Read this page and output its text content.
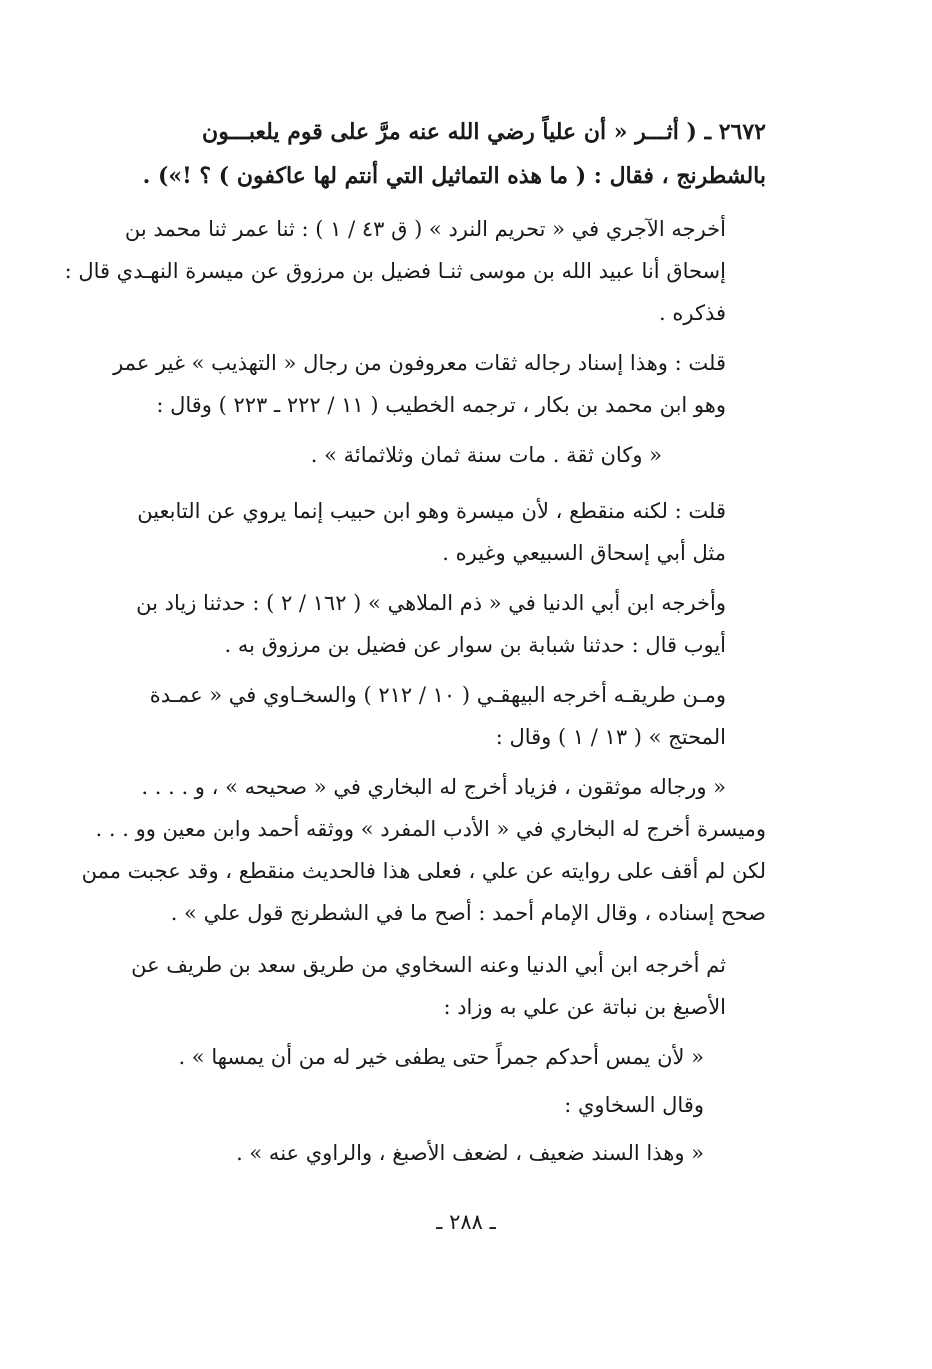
٢٦٧٢ ـ ( أثـــر « أن علياً رضي الله عنه مرَّ على قوم يلعبـــون
بالشطرنج ، فقال : ( ما هذه التماثيل التي أنتم لها عاكفون ) ؟ !») .
أخرجه الآجري في « تحريم النرد » ( ق ٤٣ / ١ ) : ثنا عمر ثنا محمد بن
إسحاق أنا عبيد الله بن موسى ثنـا فضيل بن مرزوق عن ميسرة النهـدي قال :
فذكره .
قلت : وهذا إسناد رجاله ثقات معروفون من رجال « التهذيب » غير عمر
وهو ابن محمد بن بكار ، ترجمه الخطيب ( ١١ / ٢٢٢ ـ ٢٢٣ ) وقال :
« وكان ثقة . مات سنة ثمان وثلاثمائة » .
قلت : لكنه منقطع ، لأن ميسرة وهو ابن حبيب إنما يروي عن التابعين
مثل أبي إسحاق السبيعي وغيره .
وأخرجه ابن أبي الدنيا في « ذم الملاهي » ( ١٦٢ / ٢ ) : حدثنا زياد بن
أيوب قال : حدثنا شبابة بن سوار عن فضيل بن مرزوق به .
ومـن طريقـه أخرجه البيهقـي ( ١٠ / ٢١٢ ) والسخـاوي في « عمـدة
المحتج » ( ١٣ / ١ ) وقال :
« ورجاله موثقون ، فزياد أخرج له البخاري في « صحيحه » ، و . . . .
وميسرة أخرج له البخاري في « الأدب المفرد » ووثقه أحمد وابن معين وو . . .
لكن لم أقف على روايته عن علي ، فعلى هذا فالحديث منقطع ، وقد عجبت ممن
صحح إسناده ، وقال الإمام أحمد : أصح ما في الشطرنج قول علي » .
ثم أخرجه ابن أبي الدنيا وعنه السخاوي من طريق سعد بن طريف عن
الأصبغ بن نباتة عن علي به وزاد :
« لأن يمس أحدكم جمراً حتى يطفى خير له من أن يمسها » .
وقال السخاوي :
« وهذا السند ضعيف ، لضعف الأصبغ ، والراوي عنه » .
ـ ٢٨٨ ـ
